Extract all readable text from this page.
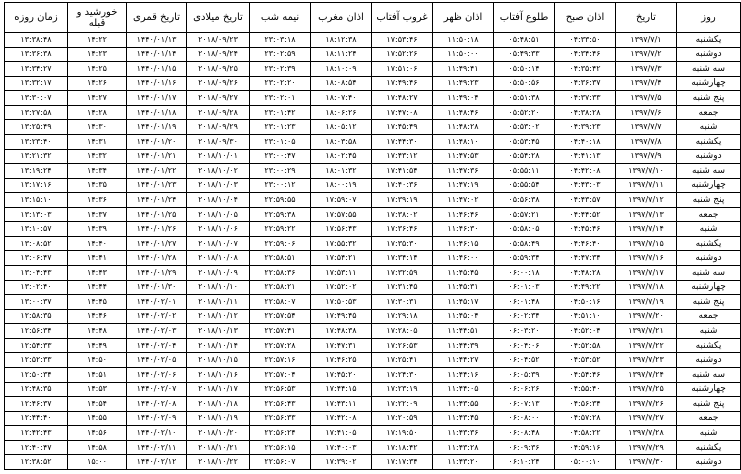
روز	تاریخ	اذان صبح	طلوع آفتاب	اذان ظهر	غروب آفتاب	اذان مغرب	نیمه شب	تاریخ میلادی	تاریخ قمری	خورشید و قبله	زمان روزه
یکشنبه	۱۳۹۷/۷/۱	۰۴:۳۳:۵۰	۰۵:۴۸:۵۱	۱۱:۵۰:۱۸	۱۷:۵۳:۴۶	۱۸:۱۲:۳۸	۲۳:۰۳:۱۸	۲۰۱۸/۰۹/۲۳	۱۴۴۰/۰۱/۱۳	۱۴:۲۲	۱۳:۳۸:۴۸
دوشنبه	۱۳۹۷/۷/۲	۰۴:۳۴:۴۶	۰۵:۴۹:۳۳	۱۱:۵۰:۰۰	۱۷:۵۲:۲۶	۱۸:۱۱:۲۴	۲۳:۰۲:۵۹	۲۰۱۸/۰۹/۲۴	۱۴۴۰/۰۱/۱۴	۱۴:۲۳	۱۳:۳۶:۳۸
سه شنبه	۱۳۹۷/۷/۳	۰۴:۳۵:۴۲	۰۵:۵۰:۱۴	۱۱:۴۹:۴۱	۱۷:۵۱:۰۶	۱۸:۱۰:۰۹	۲۳:۰۲:۳۹	۲۰۱۸/۰۹/۲۵	۱۴۴۰/۰۱/۱۵	۱۴:۲۵	۱۳:۳۴:۲۷
چهارشنبه	۱۳۹۷/۷/۴	۰۴:۳۶:۳۷	۰۵:۵۰:۵۶	۱۱:۴۹:۲۳	۱۷:۴۹:۴۶	۱۸:۰۸:۵۴	۲۳:۰۲:۲۰	۲۰۱۸/۰۹/۲۶	۱۴۴۰/۰۱/۱۶	۱۴:۲۶	۱۳:۳۲:۱۷
پنج شنبه	۱۳۹۷/۷/۵	۰۴:۳۷:۳۳	۰۵:۵۱:۳۸	۱۱:۴۹:۰۴	۱۷:۴۸:۲۷	۱۸:۰۷:۴۰	۲۳:۰۲:۰۱	۲۰۱۸/۰۹/۲۷	۱۴۴۰/۰۱/۱۷	۱۴:۲۷	۱۳:۳۰:۰۷
جمعه	۱۳۹۷/۷/۶	۰۴:۳۸:۲۸	۰۵:۵۲:۲۰	۱۱:۴۸:۴۶	۱۷:۴۷:۰۸	۱۸:۰۶:۲۶	۲۳:۰۱:۴۲	۲۰۱۸/۰۹/۲۸	۱۴۴۰/۰۱/۱۸	۱۴:۲۸	۱۳:۲۷:۵۸
شنبه	۱۳۹۷/۷/۷	۰۴:۳۹:۲۳	۰۵:۵۳:۰۲	۱۱:۴۸:۲۸	۱۷:۴۵:۴۹	۱۸:۰۵:۱۲	۲۳:۰۱:۲۳	۲۰۱۸/۰۹/۲۹	۱۴۴۰/۰۱/۱۹	۱۴:۳۰	۱۳:۲۵:۴۹
یکشنبه	۱۳۹۷/۷/۸	۰۴:۴۰:۱۸	۰۵:۵۳:۴۵	۱۱:۴۸:۱۰	۱۷:۴۴:۳۰	۱۸:۰۳:۵۸	۲۳:۰۱:۰۵	۲۰۱۸/۰۹/۳۰	۱۴۴۰/۰۱/۲۰	۱۴:۳۱	۱۳:۲۳:۴۰
دوشنبه	۱۳۹۷/۷/۹	۰۴:۴۱:۱۳	۰۵:۵۴:۲۸	۱۱:۴۷:۵۳	۱۷:۴۳:۱۲	۱۸:۰۲:۴۵	۲۳:۰۰:۴۷	۲۰۱۸/۱۰/۰۱	۱۴۴۰/۰۱/۲۱	۱۴:۳۲	۱۳:۲۱:۳۲
سه شنبه	۱۳۹۷/۷/۱۰	۰۴:۴۲:۰۸	۰۵:۵۵:۱۱	۱۱:۴۷:۳۶	۱۷:۴۱:۵۴	۱۸:۰۱:۳۲	۲۳:۰۰:۲۹	۲۰۱۸/۱۰/۰۲	۱۴۴۰/۰۱/۲۲	۱۴:۳۴	۱۳:۱۹:۲۴
چهارشنبه	۱۳۹۷/۷/۱۱	۰۴:۴۳:۰۳	۰۵:۵۵:۵۴	۱۱:۴۷:۱۹	۱۷:۴۰:۳۶	۱۸:۰۰:۱۹	۲۳:۰۰:۱۲	۲۰۱۸/۱۰/۰۳	۱۴۴۰/۰۱/۲۳	۱۴:۳۵	۱۳:۱۷:۱۶
پنج شنبه	۱۳۹۷/۷/۱۲	۰۴:۴۳:۵۷	۰۵:۵۶:۳۸	۱۱:۴۷:۰۲	۱۷:۳۹:۱۹	۱۷:۵۹:۰۷	۲۲:۵۹:۵۵	۲۰۱۸/۱۰/۰۴	۱۴۴۰/۰۱/۲۴	۱۴:۳۶	۱۳:۱۵:۱۰
جمعه	۱۳۹۷/۷/۱۳	۰۴:۴۴:۵۲	۰۵:۵۷:۲۱	۱۱:۴۶:۴۶	۱۷:۳۸:۰۲	۱۷:۵۷:۵۵	۲۲:۵۹:۳۸	۲۰۱۸/۱۰/۰۵	۱۴۴۰/۰۱/۲۵	۱۴:۳۷	۱۳:۱۳:۰۳
شنبه	۱۳۹۷/۷/۱۴	۰۴:۴۵:۴۶	۰۵:۵۸:۰۵	۱۱:۴۶:۳۰	۱۷:۳۶:۴۶	۱۷:۵۶:۴۳	۲۲:۵۹:۲۲	۲۰۱۸/۱۰/۰۶	۱۴۴۰/۰۱/۲۶	۱۴:۳۹	۱۳:۱۰:۵۷
یکشنبه	۱۳۹۷/۷/۱۵	۰۴:۴۶:۴۰	۰۵:۵۸:۴۹	۱۱:۴۶:۱۵	۱۷:۳۵:۳۰	۱۷:۵۵:۳۲	۲۲:۵۹:۰۶	۲۰۱۸/۱۰/۰۷	۱۴۴۰/۰۱/۲۷	۱۴:۴۰	۱۳:۰۸:۵۲
دوشنبه	۱۳۹۷/۷/۱۶	۰۴:۴۷:۳۴	۰۵:۵۹:۳۴	۱۱:۴۶:۰۰	۱۷:۳۴:۱۴	۱۷:۵۴:۲۱	۲۲:۵۸:۵۱	۲۰۱۸/۱۰/۰۸	۱۴۴۰/۰۱/۲۸	۱۴:۴۱	۱۳:۰۶:۴۷
سه شنبه	۱۳۹۷/۷/۱۷	۰۴:۴۸:۲۸	۰۶:۰۰:۱۸	۱۱:۴۵:۴۵	۱۷:۳۲:۵۹	۱۷:۵۳:۱۱	۲۲:۵۸:۳۶	۲۰۱۸/۱۰/۰۹	۱۴۴۰/۰۱/۲۹	۱۴:۴۳	۱۳:۰۴:۴۳
چهارشنبه	۱۳۹۷/۷/۱۸	۰۴:۴۹:۲۲	۰۶:۰۱:۰۳	۱۱:۴۵:۳۱	۱۷:۳۱:۴۵	۱۷:۵۲:۰۲	۲۲:۵۸:۲۱	۲۰۱۸/۱۰/۱۰	۱۴۴۰/۰۱/۳۰	۱۴:۴۴	۱۳:۰۲:۴۰
پنج شنبه	۱۳۹۷/۷/۱۹	۰۴:۵۰:۱۶	۰۶:۰۱:۴۸	۱۱:۴۵:۱۷	۱۷:۳۰:۳۱	۱۷:۵۰:۵۳	۲۲:۵۸:۰۷	۲۰۱۸/۱۰/۱۱	۱۴۴۰/۰۲/۰۱	۱۴:۴۵	۱۳:۰۰:۳۷
جمعه	۱۳۹۷/۷/۲۰	۰۴:۵۱:۱۰	۰۶:۰۲:۳۴	۱۱:۴۵:۰۴	۱۷:۲۹:۱۸	۱۷:۴۹:۴۵	۲۲:۵۷:۵۴	۲۰۱۸/۱۰/۱۲	۱۴۴۰/۰۲/۰۲	۱۴:۴۶	۱۲:۵۸:۳۵
شنبه	۱۳۹۷/۷/۲۱	۰۴:۵۲:۰۴	۰۶:۰۳:۲۰	۱۱:۴۴:۵۱	۱۷:۲۸:۰۵	۱۷:۴۸:۳۸	۲۲:۵۷:۴۱	۲۰۱۸/۱۰/۱۳	۱۴۴۰/۰۲/۰۳	۱۴:۴۸	۱۲:۵۶:۳۴
یکشنبه	۱۳۹۷/۷/۲۲	۰۴:۵۲:۵۸	۰۶:۰۴:۰۶	۱۱:۴۴:۳۹	۱۷:۲۶:۵۳	۱۷:۴۷:۳۱	۲۲:۵۷:۲۸	۲۰۱۸/۱۰/۱۴	۱۴۴۰/۰۲/۰۴	۱۴:۴۹	۱۲:۵۴:۳۳
دوشنبه	۱۳۹۷/۷/۲۳	۰۴:۵۳:۵۲	۰۶:۰۴:۵۲	۱۱:۴۴:۲۷	۱۷:۲۵:۴۱	۱۷:۴۶:۲۵	۲۲:۵۷:۱۶	۲۰۱۸/۱۰/۱۵	۱۴۴۰/۰۲/۰۵	۱۴:۵۰	۱۲:۵۲:۳۳
سه شنبه	۱۳۹۷/۷/۲۴	۰۴:۵۴:۴۶	۰۶:۰۵:۳۹	۱۱:۴۴:۱۶	۱۷:۲۴:۳۰	۱۷:۴۵:۲۰	۲۲:۵۷:۰۴	۲۰۱۸/۱۰/۱۶	۱۴۴۰/۰۲/۰۶	۱۴:۵۱	۱۲:۵۰:۳۴
چهارشنبه	۱۳۹۷/۷/۲۵	۰۴:۵۵:۴۰	۰۶:۰۶:۲۶	۱۱:۴۴:۰۵	۱۷:۲۳:۱۹	۱۷:۴۴:۱۵	۲۲:۵۶:۵۳	۲۰۱۸/۱۰/۱۷	۱۴۴۰/۰۲/۰۷	۱۴:۵۳	۱۲:۴۸:۳۵
پنج شنبه	۱۳۹۷/۷/۲۶	۰۴:۵۶:۳۴	۰۶:۰۷:۱۳	۱۱:۴۳:۵۵	۱۷:۲۲:۰۹	۱۷:۴۳:۱۱	۲۲:۵۶:۴۳	۲۰۱۸/۱۰/۱۸	۱۴۴۰/۰۲/۰۸	۱۴:۵۴	۱۲:۴۶:۳۷
جمعه	۱۳۹۷/۷/۲۷	۰۴:۵۷:۲۸	۰۶:۰۸:۰۰	۱۱:۴۳:۴۵	۱۷:۲۰:۵۹	۱۷:۴۲:۰۸	۲۲:۵۶:۳۳	۲۰۱۸/۱۰/۱۹	۱۴۴۰/۰۲/۰۹	۱۴:۵۵	۱۲:۴۴:۴۰
شنبه	۱۳۹۷/۷/۲۸	۰۴:۵۸:۲۲	۰۶:۰۸:۴۸	۱۱:۴۳:۳۶	۱۷:۱۹:۵۰	۱۷:۴۱:۰۵	۲۲:۵۶:۲۴	۲۰۱۸/۱۰/۲۰	۱۴۴۰/۰۲/۱۰	۱۴:۵۶	۱۲:۴۲:۴۳
یکشنبه	۱۳۹۷/۷/۲۹	۰۴:۵۹:۱۶	۰۶:۰۹:۳۶	۱۱:۴۳:۲۸	۱۷:۱۸:۴۲	۱۷:۴۰:۰۳	۲۲:۵۶:۱۵	۲۰۱۸/۱۰/۲۱	۱۴۴۰/۰۲/۱۱	۱۴:۵۸	۱۲:۴۰:۴۷
دوشنبه	۱۳۹۷/۷/۳۰	۰۵:۰۰:۱۰	۰۶:۱۰:۲۴	۱۱:۴۳:۲۰	۱۷:۱۷:۳۴	۱۷:۳۹:۰۲	۲۲:۵۶:۰۷	۲۰۱۸/۱۰/۲۲	۱۴۴۰/۰۲/۱۲	۱۵:۰۰	۱۲:۳۸:۵۲
